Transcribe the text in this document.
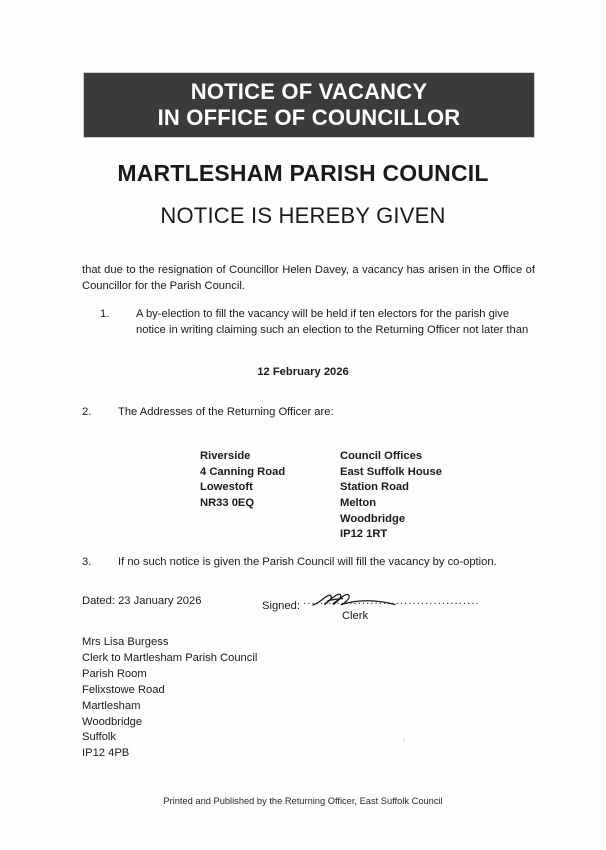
NOTICE OF VACANCY
IN OFFICE OF COUNCILLOR
MARTLESHAM PARISH COUNCIL
NOTICE IS HEREBY GIVEN
that due to the resignation of Councillor Helen Davey, a vacancy has arisen in the Office of Councillor for the Parish Council.
1.	A by-election to fill the vacancy will be held if ten electors for the parish give notice in writing claiming such an election to the Returning Officer not later than
12 February 2026
2.	The Addresses of the Returning Officer are:
Riverside
4 Canning Road
Lowestoft
NR33 0EQ
Council Offices
East Suffolk House
Station Road
Melton
Woodbridge
IP12 1RT
3.	If no such notice is given the Parish Council will fill the vacancy by co-option.
Dated: 23 January 2026	Signed: ..........................................
Clerk
Mrs Lisa Burgess
Clerk to Martlesham Parish Council
Parish Room
Felixstowe Road
Martlesham
Woodbridge
Suffolk
IP12 4PB
Printed and Published by the Returning Officer, East Suffolk Council
